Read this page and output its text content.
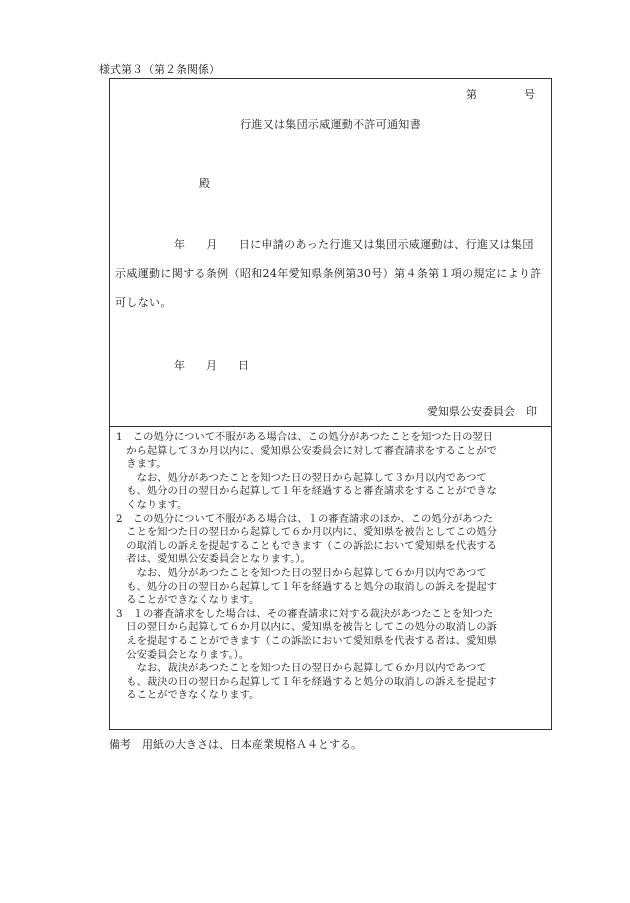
様式第３（第２条関係）
第	号
行進又は集団示威運動不許可通知書
殿
年 月 日に申請のあった行進又は集団示威運動は、行進又は集団
示威運動に関する条例（昭和24年愛知県条例第30号）第４条第１項の規定により許
可しない。
年 月 日
愛知県公安委員会　印
1　この処分について不服がある場合は、この処分があつたことを知つた日の翌日
　から起算して３か月以内に、愛知県公安委員会に対して審査請求をすることがで
　きます。
　　なお、処分があつたことを知つた日の翌日から起算して３か月以内であつて
　も、処分の日の翌日から起算して１年を経過すると審査請求をすることができな
　くなります。
2　この処分について不服がある場合は、１の審査請求のほか、この処分があつた
　ことを知つた日の翌日から起算して６か月以内に、愛知県を被告としてこの処分
　の取消しの訴えを提起することもできます（この訴訟において愛知県を代表する
　者は、愛知県公安委員会となります。）。
　　なお、処分があつたことを知つた日の翌日から起算して６か月以内であつて
　も、処分の日の翌日から起算して１年を経過すると処分の取消しの訴えを提起す
　ることができなくなります。
3　１の審査請求をした場合は、その審査請求に対する裁決があつたことを知つた
　日の翌日から起算して６か月以内に、愛知県を被告としてこの処分の取消しの訴
　えを提起することができます（この訴訟において愛知県を代表する者は、愛知県
　公安委員会となります。）。
　　なお、裁決があつたことを知つた日の翌日から起算して６か月以内であつて
　も、裁決の日の翌日から起算して１年を経過すると処分の取消しの訴えを提起す
　ることができなくなります。
備考　用紙の大きさは、日本産業規格Ａ４とする。
